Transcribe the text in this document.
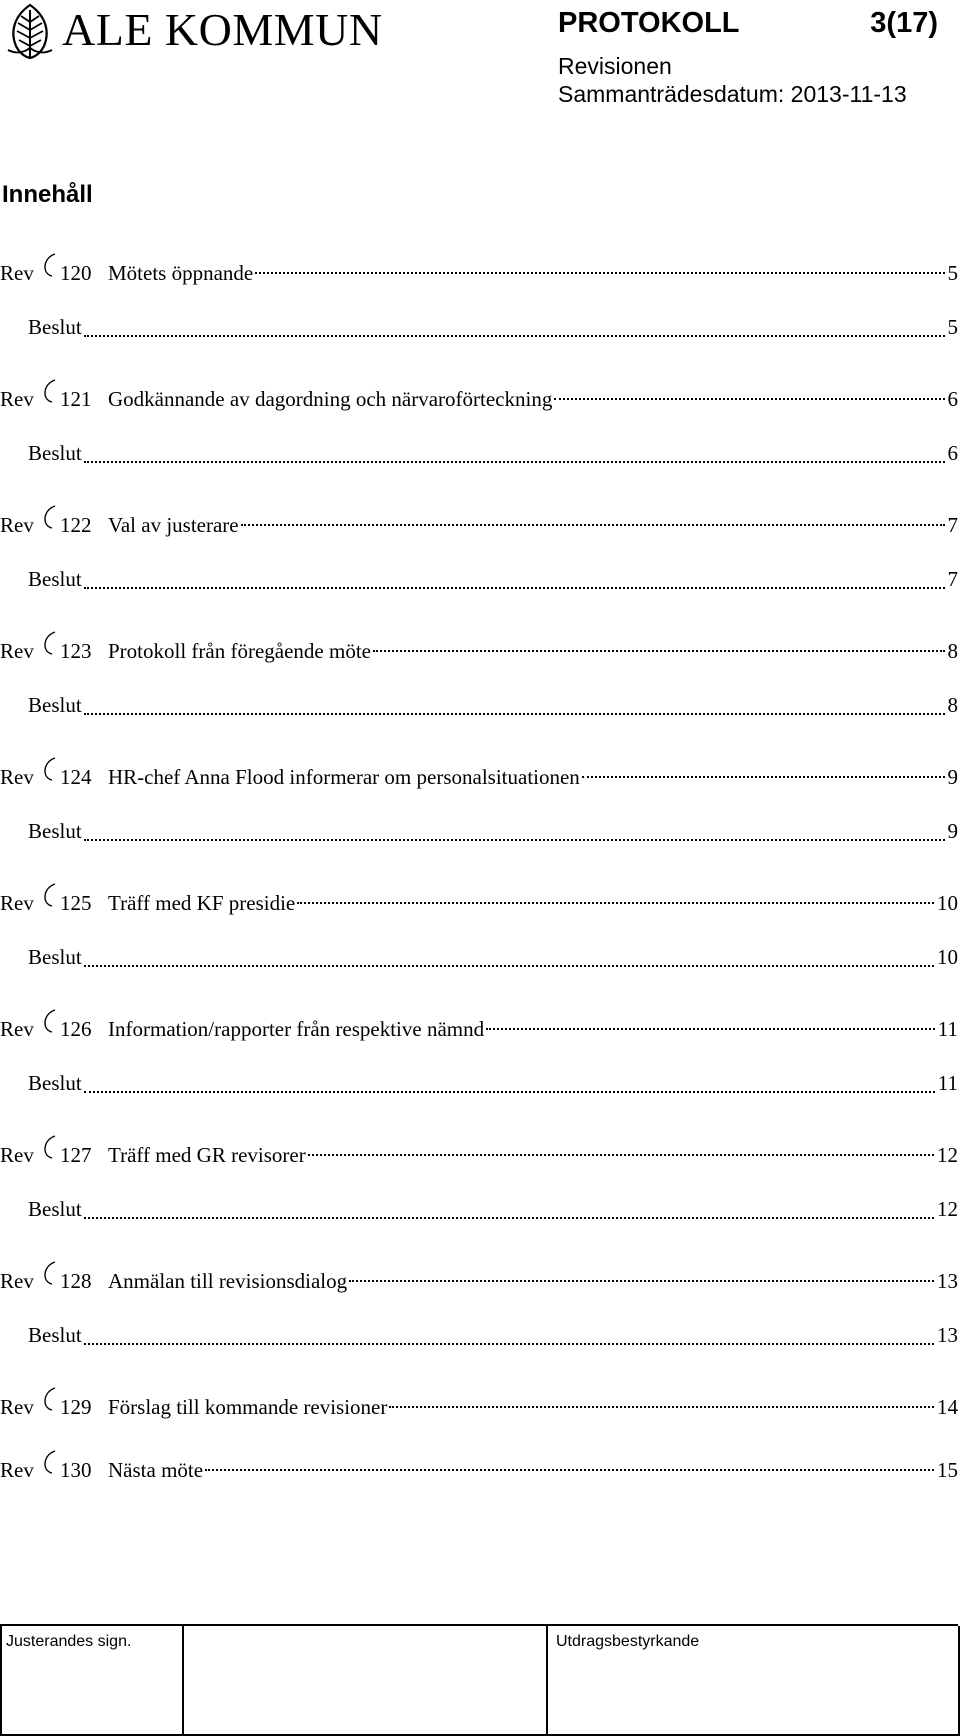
ALE KOMMUN	PROTOKOLL	3(17)
Revisionen
Sammanträdesdatum: 2013-11-13
Innehåll
Rev 120 Mötets öppnande	5
Beslut	5
Rev 121 Godkännande av dagordning och närvaroförteckning	6
Beslut	6
Rev 122 Val av justerare	7
Beslut	7
Rev 123 Protokoll från föregående möte	8
Beslut	8
Rev 124 HR-chef Anna Flood informerar om personalsituationen	9
Beslut	9
Rev 125 Träff med KF presidie	10
Beslut	10
Rev 126 Information/rapporter från respektive nämnd	11
Beslut	11
Rev 127 Träff med GR revisorer	12
Beslut	12
Rev 128 Anmälan till revisionsdialog	13
Beslut	13
Rev 129 Förslag till kommande revisioner	14
Rev 130 Nästa möte	15
Justerandes sign.	Utdragsbestyrkande
